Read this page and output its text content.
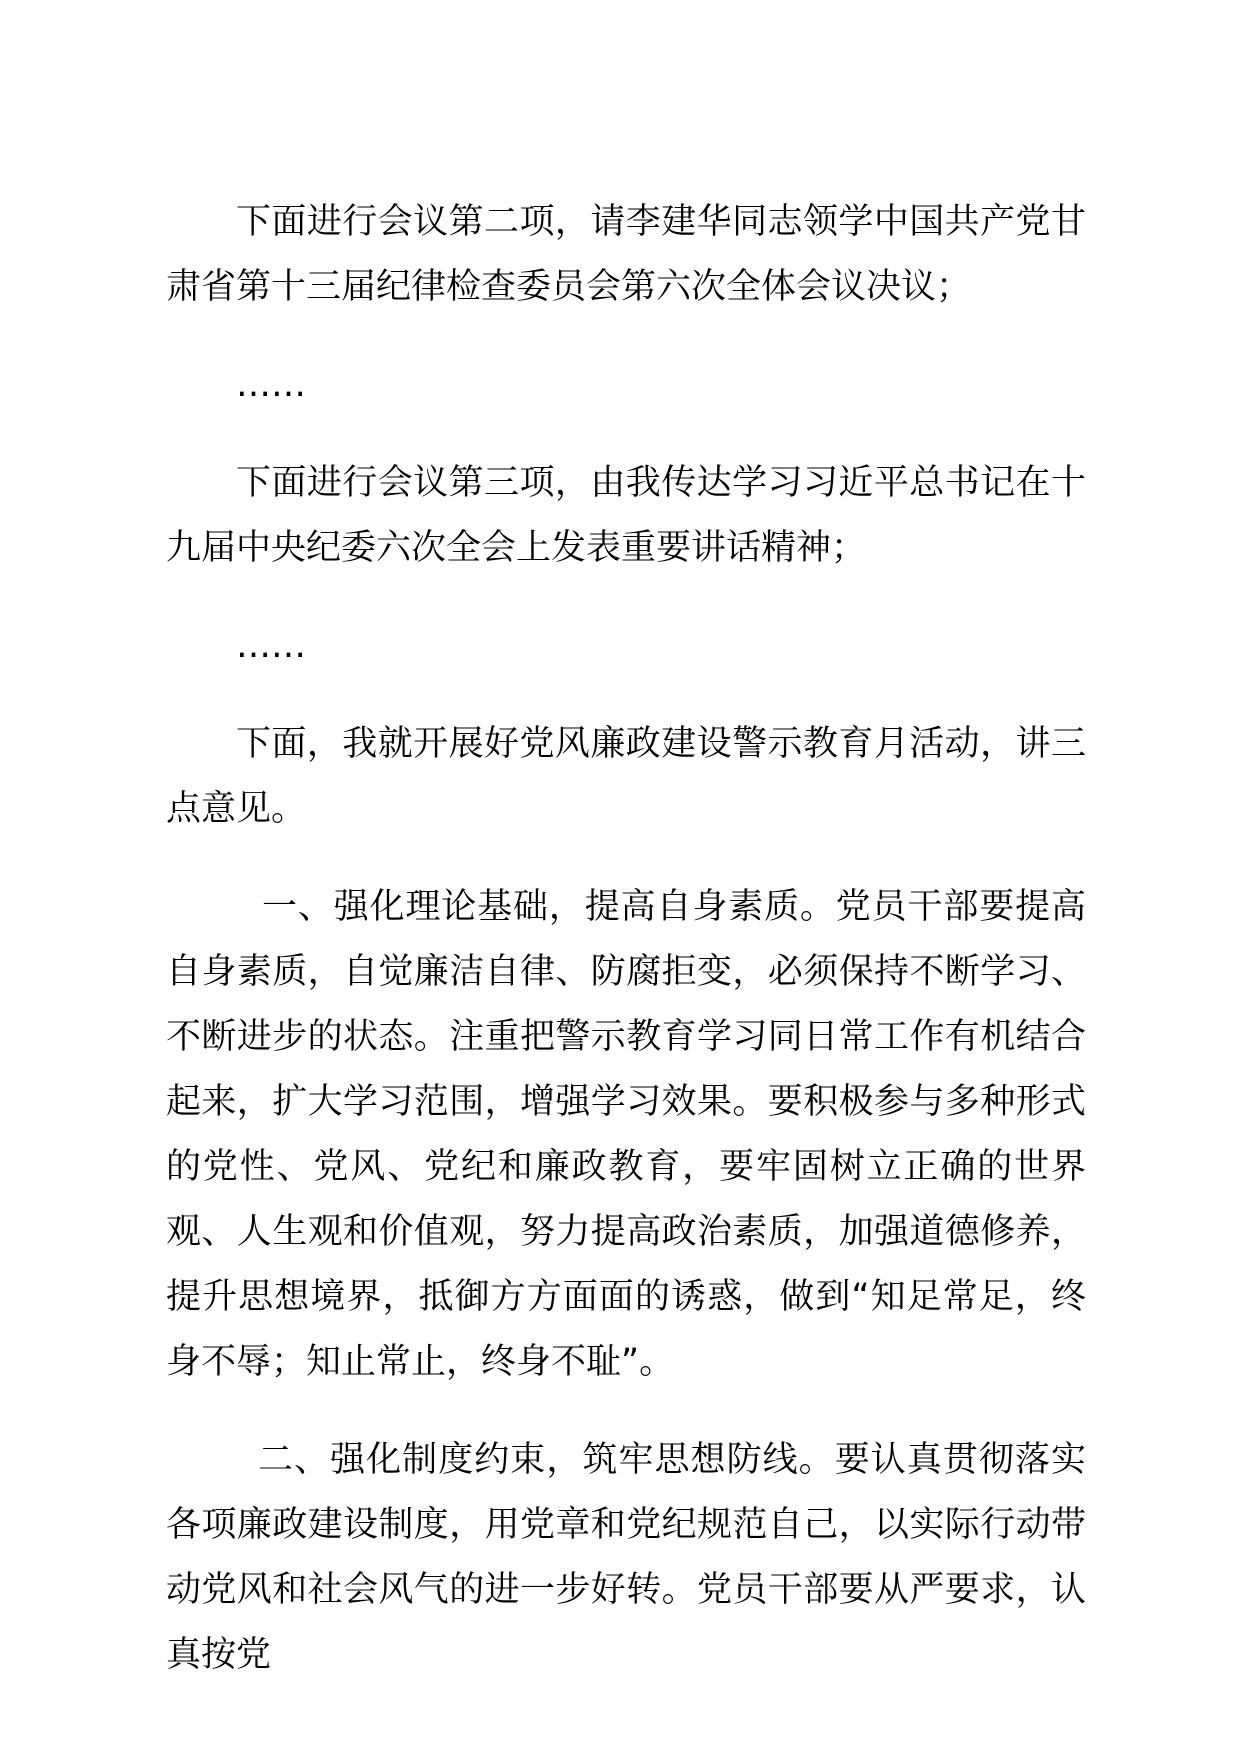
下面进行会议第二项，请李建华同志领学中国共产党甘肃省第十三届纪律检查委员会第六次全体会议决议；

……

下面进行会议第三项，由我传达学习习近平总书记在十九届中央纪委六次全会上发表重要讲话精神；

……

下面，我就开展好党风廉政建设警示教育月活动，讲三点意见。

一、强化理论基础，提高自身素质。党员干部要提高自身素质，自觉廉洁自律、防腐拒变，必须保持不断学习、不断进步的状态。注重把警示教育学习同日常工作有机结合起来，扩大学习范围，增强学习效果。要积极参与多种形式的党性、党风、党纪和廉政教育，要牢固树立正确的世界观、人生观和价值观，努力提高政治素质，加强道德修养，提升思想境界，抵御方方面面的诱惑，做到“知足常足，终身不辱；知止常止，终身不耻”。

二、强化制度约束，筑牢思想防线。要认真贯彻落实各项廉政建设制度，用党章和党纪规范自己，以实际行动带动党风和社会风气的进一步好转。党员干部要从严要求，认真按党
